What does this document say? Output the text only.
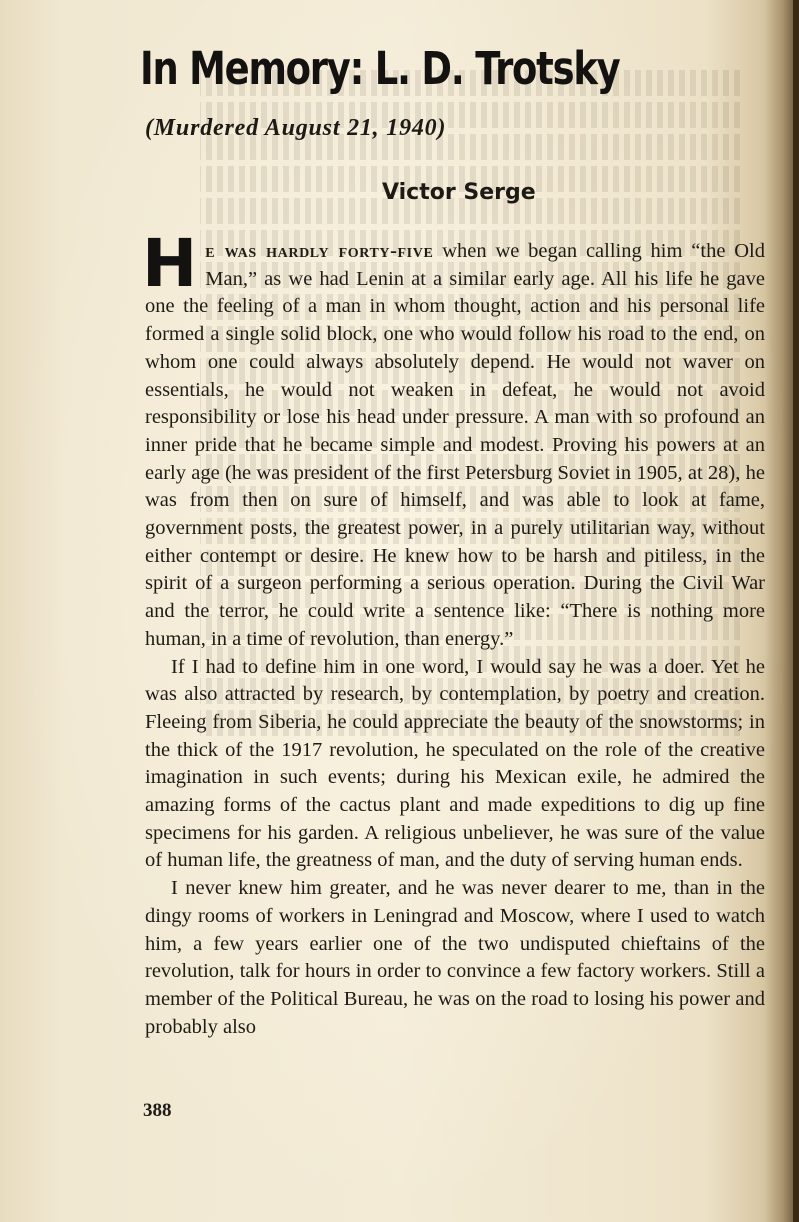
In Memory: L. D. Trotsky
(Murdered August 21, 1940)
Victor Serge

He was hardly forty-five when we began calling him “the Old Man,” as we had Lenin at a similar early age. All his life he gave one the feeling of a man in whom thought, action and his personal life formed a single solid block, one who would follow his road to the end, on whom one could always absolutely depend. He would not waver on essentials, he would not weaken in defeat, he would not avoid responsibility or lose his head under pressure. A man with so profound an inner pride that he became simple and modest. Proving his powers at an early age (he was president of the first Petersburg Soviet in 1905, at 28), he was from then on sure of himself, and was able to look at fame, government posts, the greatest power, in a purely utilitarian way, without either contempt or desire. He knew how to be harsh and pitiless, in the spirit of a surgeon performing a serious operation. During the Civil War and the terror, he could write a sentence like: “There is nothing more human, in a time of revolution, than energy.”

If I had to define him in one word, I would say he was a doer. Yet he was also attracted by research, by contemplation, by poetry and creation. Fleeing from Siberia, he could appreciate the beauty of the snowstorms; in the thick of the 1917 revolution, he speculated on the role of the creative imagination in such events; during his Mexican exile, he admired the amazing forms of the cactus plant and made expeditions to dig up fine specimens for his garden. A religious unbeliever, he was sure of the value of human life, the greatness of man, and the duty of serving human ends.

I never knew him greater, and he was never dearer to me, than in the dingy rooms of workers in Leningrad and Moscow, where I used to watch him, a few years earlier one of the two undisputed chieftains of the revolution, talk for hours in order to convince a few factory workers. Still a member of the Political Bureau, he was on the road to losing his power and probably also

388
